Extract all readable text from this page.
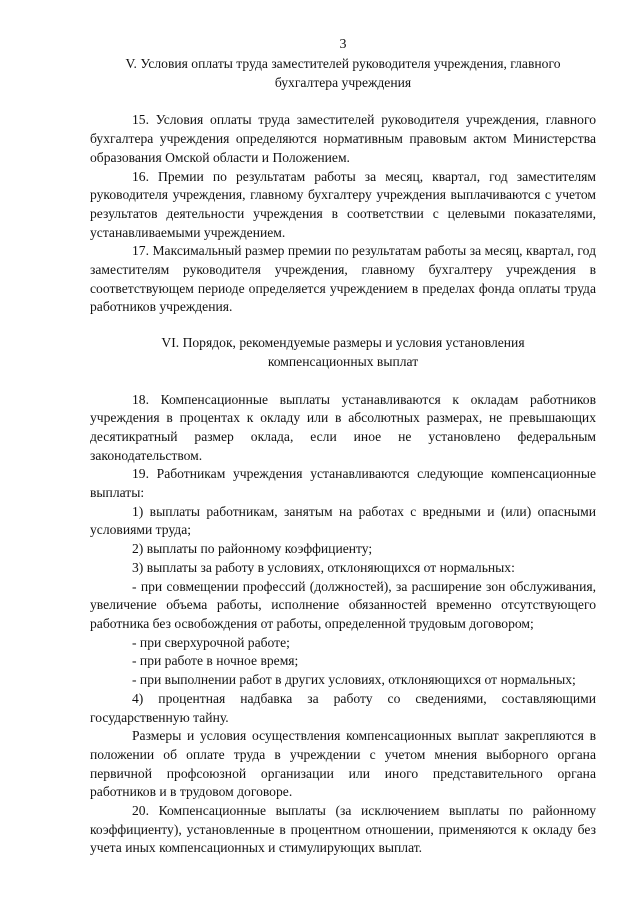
3
V. Условия оплаты труда заместителей руководителя учреждения, главного
бухгалтера учреждения

15. Условия оплаты труда заместителей руководителя учреждения, главного бухгалтера учреждения определяются нормативным правовым актом Министерства образования Омской области и Положением.

16. Премии по результатам работы за месяц, квартал, год заместителям руководителя учреждения, главному бухгалтеру учреждения выплачиваются с учетом результатов деятельности учреждения в соответствии с целевыми показателями, устанавливаемыми учреждением.

17. Максимальный размер премии по результатам работы за месяц, квартал, год заместителям руководителя учреждения, главному бухгалтеру учреждения в соответствующем периоде определяется учреждением в пределах фонда оплаты труда работников учреждения.

VI. Порядок, рекомендуемые размеры и условия установления
компенсационных выплат

18. Компенсационные выплаты устанавливаются к окладам работников учреждения в процентах к окладу или в абсолютных размерах, не превышающих десятикратный размер оклада, если иное не установлено федеральным законодательством.

19. Работникам учреждения устанавливаются следующие компенсационные выплаты:

1) выплаты работникам, занятым на работах с вредными и (или) опасными условиями труда;

2) выплаты по районному коэффициенту;

3) выплаты за работу в условиях, отклоняющихся от нормальных:

- при совмещении профессий (должностей), за расширение зон обслуживания, увеличение объема работы, исполнение обязанностей временно отсутствующего работника без освобождения от работы, определенной трудовым договором;

- при сверхурочной работе;

- при работе в ночное время;

- при выполнении работ в других условиях, отклоняющихся от нормальных;

4) процентная надбавка за работу со сведениями, составляющими государственную тайну.

Размеры и условия осуществления компенсационных выплат закрепляются в положении об оплате труда в учреждении с учетом мнения выборного органа первичной профсоюзной организации или иного представительного органа работников и в трудовом договоре.

20. Компенсационные выплаты (за исключением выплаты по районному коэффициенту), установленные в процентном отношении, применяются к окладу без учета иных компенсационных и стимулирующих выплат.
